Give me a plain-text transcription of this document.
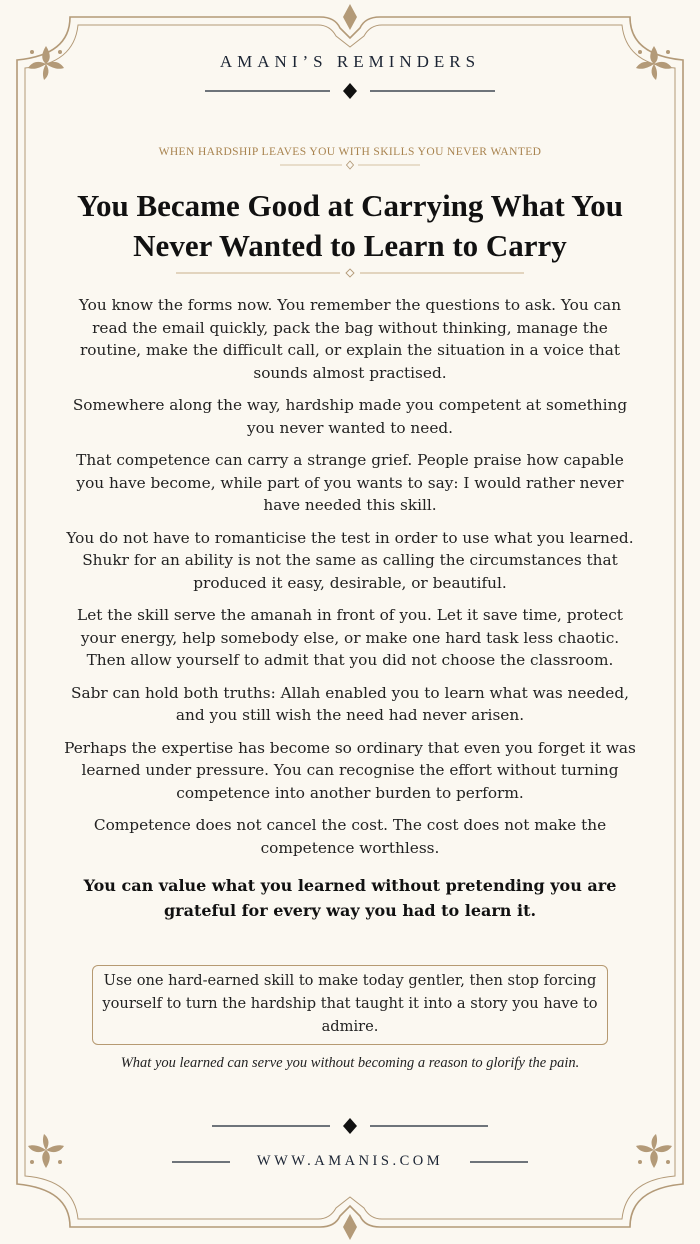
AMANI’S REMINDERS
WHEN HARDSHIP LEAVES YOU WITH SKILLS YOU NEVER WANTED
You Became Good at Carrying What You Never Wanted to Learn to Carry

You know the forms now. You remember the questions to ask. You can read the email quickly, pack the bag without thinking, manage the routine, make the difficult call, or explain the situation in a voice that sounds almost practised.

Somewhere along the way, hardship made you competent at something you never wanted to need.

That competence can carry a strange grief. People praise how capable you have become, while part of you wants to say: I would rather never have needed this skill.

You do not have to romanticise the test in order to use what you learned. Shukr for an ability is not the same as calling the circumstances that produced it easy, desirable, or beautiful.

Let the skill serve the amanah in front of you. Let it save time, protect your energy, help somebody else, or make one hard task less chaotic. Then allow yourself to admit that you did not choose the classroom.

Sabr can hold both truths: Allah enabled you to learn what was needed, and you still wish the need had never arisen.

Perhaps the expertise has become so ordinary that even you forget it was learned under pressure. You can recognise the effort without turning competence into another burden to perform.

Competence does not cancel the cost. The cost does not make the competence worthless.

You can value what you learned without pretending you are grateful for every way you had to learn it.

Use one hard-earned skill to make today gentler, then stop forcing yourself to turn the hardship that taught it into a story you have to admire.
What you learned can serve you without becoming a reason to glorify the pain.
WWW.AMANIS.COM
